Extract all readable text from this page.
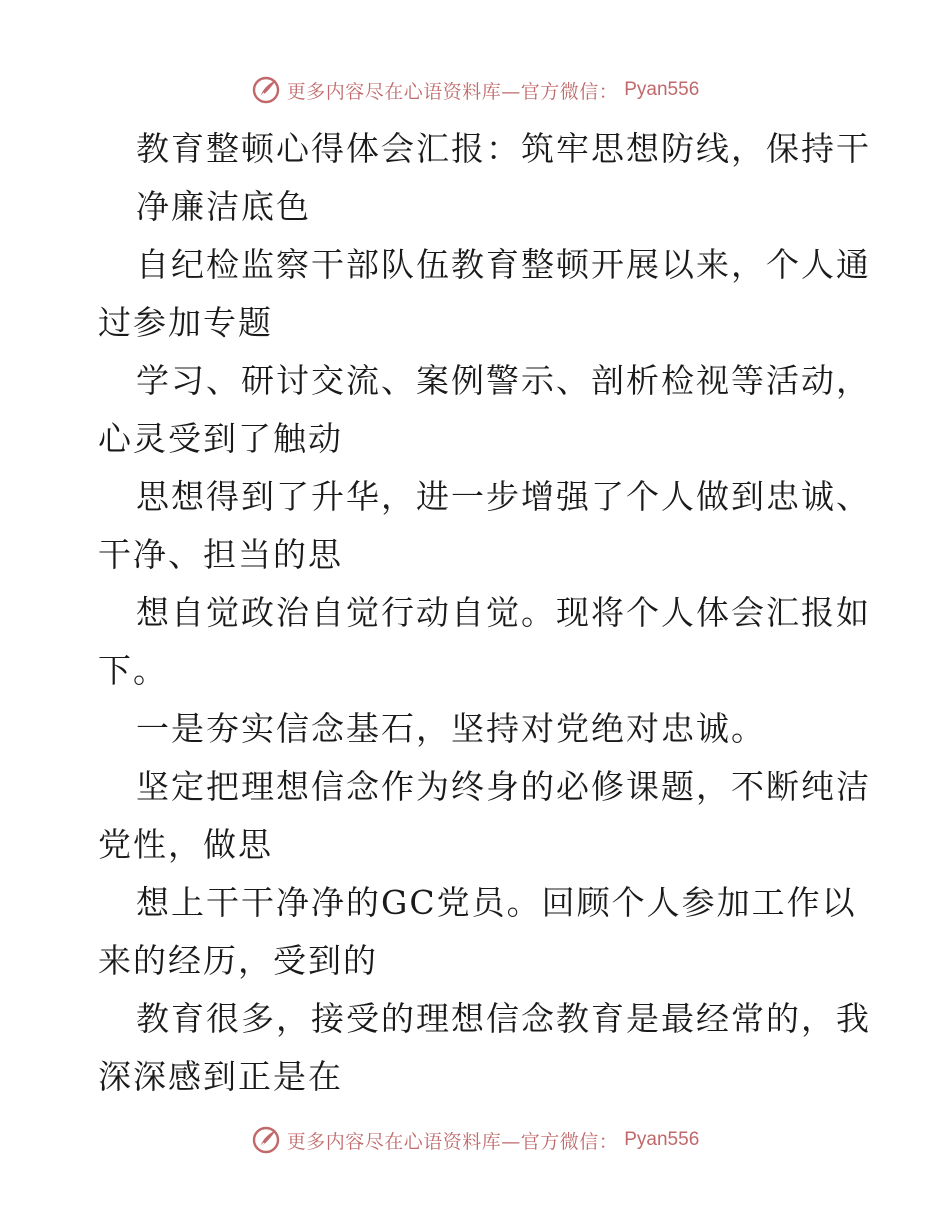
更多内容尽在心语资料库—官方微信： Pyan556
教育整顿心得体会汇报：筑牢思想防线，保持干
净廉洁底色
自纪检监察干部队伍教育整顿开展以来，个人通
过参加专题
学习、研讨交流、案例警示、剖析检视等活动，
心灵受到了触动
思想得到了升华，进一步增强了个人做到忠诚、
干净、担当的思
想自觉政治自觉行动自觉。现将个人体会汇报如
下。
一是夯实信念基石，坚持对党绝对忠诚。
坚定把理想信念作为终身的必修课题，不断纯洁
党性，做思
想上干干净净的GC党员。回顾个人参加工作以
来的经历，受到的
教育很多，接受的理想信念教育是最经常的，我
深深感到正是在
更多内容尽在心语资料库—官方微信： Pyan556
